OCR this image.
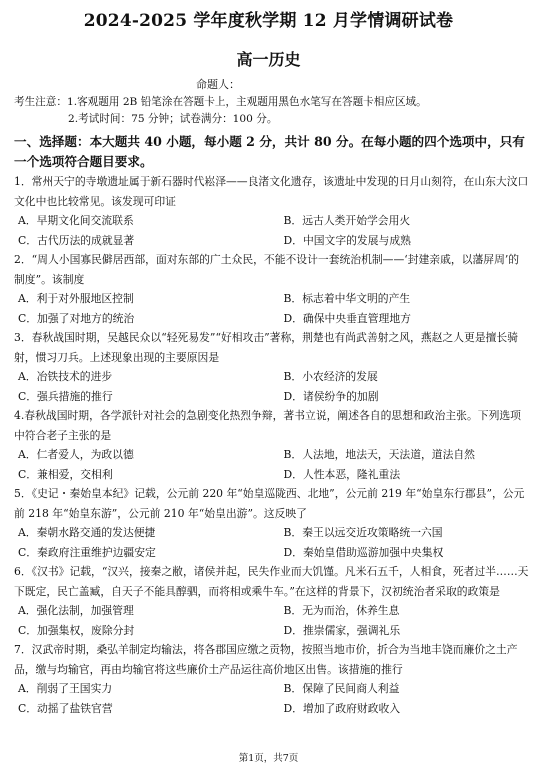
2024-2025 学年度秋学期 12 月学情调研试卷
高一历史
命题人：
考生注意：1.客观题用 2B 铅笔涂在答题卡上，主观题用黑色水笔写在答题卡相应区域。
2.考试时间：75 分钟；试卷满分：100 分。
一、选择题：本大题共 40 小题，每小题 2 分，共计 80 分。在每小题的四个选项中，只有一个选项符合题目要求。
1．常州天宁的寺墩遗址属于新石器时代崧泽——良渚文化遗存，该遗址中发现的日月山刻符，在山东大汶口文化中也比较常见。该发现可印证
A．早期文化间交流联系	B．远古人类开始学会用火
C．古代历法的成就显著	D．中国文字的发展与成熟
2．“周人小国寡民僻居西部，面对东部的广土众民，不能不设计一套统治机制——‘封建亲戚，以藩屏周’的制度”。该制度
A．利于对外服地区控制	B．标志着中华文明的产生
C．加强了对地方的统治	D．确保中央垂直管理地方
3．春秋战国时期，吴越民众以“轻死易发”“好相攻击”著称，荆楚也有尚武善射之风，燕赵之人更是擅长骑射，惯习刀兵。上述现象出现的主要原因是
A．冶铁技术的进步	B．小农经济的发展
C．强兵措施的推行	D．诸侯纷争的加剧
4.春秋战国时期，各学派针对社会的急剧变化热烈争辩，著书立说，阐述各自的思想和政治主张。下列选项中符合老子主张的是
A．仁者爱人，为政以德	B．人法地，地法天，天法道，道法自然
C．兼相爱，交相利	D．人性本恶，隆礼重法
5．《史记・秦始皇本纪》记载，公元前 220 年“始皇巡陇西、北地”，公元前 219 年“始皇东行郡县”，公元前 218 年“始皇东游”，公元前 210 年“始皇出游”。这反映了
A．秦朝水路交通的发达便捷	B．秦王以远交近攻策略统一六国
C．秦政府注重维护边疆安定	D．秦始皇借助巡游加强中央集权
6．《汉书》记载，“汉兴，接秦之敝，诸侯并起，民失作业而大饥馑。凡米石五千，人相食，死者过半……天下既定，民亡盖臧，自天子不能具醇驷，而将相或乘牛车。”在这样的背景下，汉初统治者采取的政策是
A．强化法制，加强管理	B．无为而治，休养生息
C．加强集权，废除分封	D．推崇儒家，强调礼乐
7．汉武帝时期，桑弘羊制定均输法，将各郡国应缴之贡物，按照当地市价，折合为当地丰饶而廉价之土产品，缴与均输官，再由均输官将这些廉价土产品运往高价地区出售。该措施的推行
A．削弱了王国实力	B．保障了民间商人利益
C．动摇了盐铁官营	D．增加了政府财政收入
第1页，共7页
